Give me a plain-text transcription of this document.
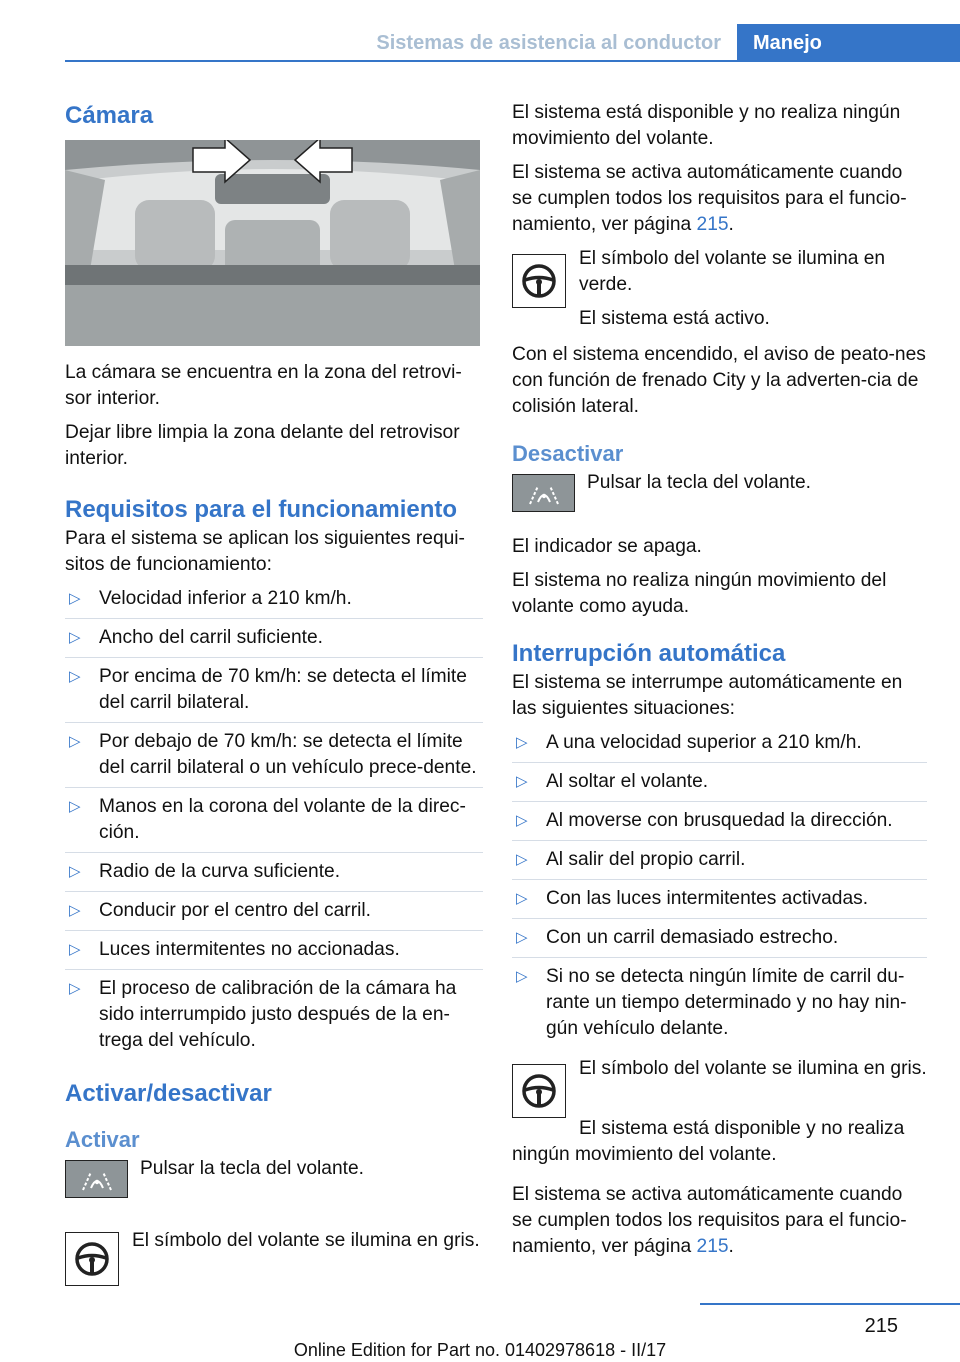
Sistemas de asistencia al conductor	Manejo
Cámara

La cámara se encuentra en la zona del retrovi‐sor interior.

Dejar libre limpia la zona delante del retrovisor interior.

Requisitos para el funcionamiento

Para el sistema se aplican los siguientes requi‐sitos de funcionamiento:

▷ Velocidad inferior a 210 km/h.
▷ Ancho del carril suficiente.
▷ Por encima de 70 km/h: se detecta el límite del carril bilateral.
▷ Por debajo de 70 km/h: se detecta el límite del carril bilateral o un vehículo prece‐dente.
▷ Manos en la corona del volante de la direc‐ción.
▷ Radio de la curva suficiente.
▷ Conducir por el centro del carril.
▷ Luces intermitentes no accionadas.
▷ El proceso de calibración de la cámara ha sido interrumpido justo después de la en‐trega del vehículo.
Activar/desactivar
Activar

Pulsar la tecla del volante.

El símbolo del volante se ilumina en gris.

El sistema está disponible y no realiza ningún movimiento del volante.

El sistema se activa automáticamente cuando se cumplen todos los requisitos para el funcio‐namiento, ver página 215.

El símbolo del volante se ilumina en verde.

El sistema está activo.

Con el sistema encendido, el aviso de peato‐nes con función de frenado City y la adverten‐cia de colisión lateral.

Desactivar

Pulsar la tecla del volante.

El indicador se apaga.

El sistema no realiza ningún movimiento del volante como ayuda.

Interrupción automática

El sistema se interrumpe automáticamente en las siguientes situaciones:

▷ A una velocidad superior a 210 km/h.
▷ Al soltar el volante.
▷ Al moverse con brusquedad la dirección.
▷ Al salir del propio carril.
▷ Con las luces intermitentes activadas.
▷ Con un carril demasiado estrecho.
▷ Si no se detecta ningún límite de carril du‐rante un tiempo determinado y no hay nin‐gún vehículo delante.

El símbolo del volante se ilumina en gris.

El sistema está disponible y no realiza ningún movimiento del volante.

El sistema se activa automáticamente cuando se cumplen todos los requisitos para el funcio‐namiento, ver página 215.

215
Online Edition for Part no. 01402978618 - II/17
